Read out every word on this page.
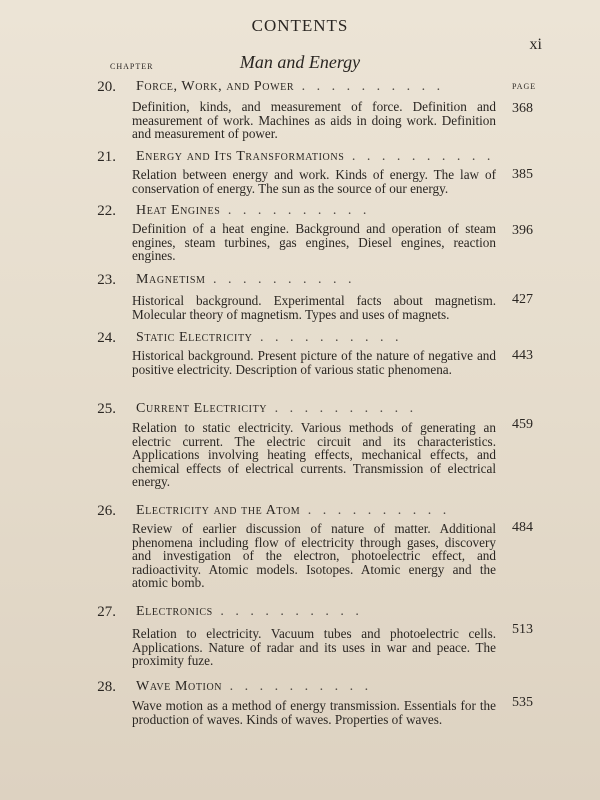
CONTENTS
xi
Man and Energy
CHAPTER
PAGE
20. Force, Work, and Power . . .
368
Definition, kinds, and measurement of force. Definition and measurement of work. Machines as aids in doing work. Definition and measurement of power.
21. Energy and Its Transformations . . .
385
Relation between energy and work. Kinds of energy. The law of conservation of energy. The sun as the source of our energy.
22. Heat Engines . . .
396
Definition of a heat engine. Background and operation of steam engines, steam turbines, gas engines, Diesel engines, reaction engines.
23. Magnetism . . .
427
Historical background. Experimental facts about magnetism. Molecular theory of magnetism. Types and uses of magnets.
24. Static Electricity . . .
443
Historical background. Present picture of the nature of negative and positive electricity. Description of various static phenomena.
25. Current Electricity . . .
459
Relation to static electricity. Various methods of generating an electric current. The electric circuit and its characteristics. Applications involving heating effects, mechanical effects, and chemical effects of electrical currents. Transmission of electrical energy.
26. Electricity and the Atom . . .
484
Review of earlier discussion of nature of matter. Additional phenomena including flow of electricity through gases, discovery and investigation of the electron, photoelectric effect, and radioactivity. Atomic models. Isotopes. Atomic energy and the atomic bomb.
27. Electronics . . .
513
Relation to electricity. Vacuum tubes and photoelectric cells. Applications. Nature of radar and its uses in war and peace. The proximity fuze.
28. Wave Motion . . .
535
Wave motion as a method of energy transmission. Essentials for the production of waves. Kinds of waves. Properties of waves.
